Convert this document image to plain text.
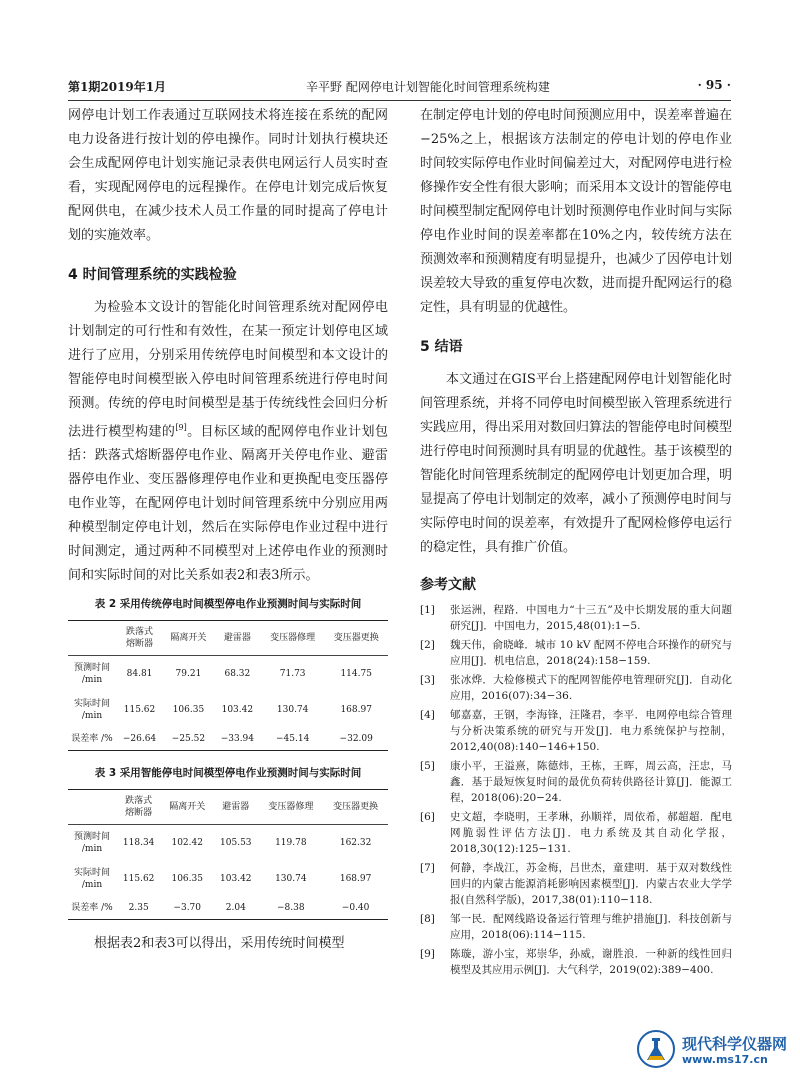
第1期2019年1月	辛平野 配网停电计划智能化时间管理系统构建	· 95 ·

网停电计划工作表通过互联网技术将连接在系统的配网电力设备进行按计划的停电操作。同时计划执行模块还会生成配网停电计划实施记录表供电网运行人员实时查看，实现配网停电的远程操作。在停电计划完成后恢复配网供电，在减少技术人员工作量的同时提高了停电计划的实施效率。

4 时间管理系统的实践检验

为检验本文设计的智能化时间管理系统对配网停电计划制定的可行性和有效性，在某一预定计划停电区域进行了应用，分别采用传统停电时间模型和本文设计的智能停电时间模型嵌入停电时间管理系统进行停电时间预测。传统的停电时间模型是基于传统线性会回归分析法进行模型构建的[9]。目标区域的配网停电作业计划包括：跌落式熔断器停电作业、隔离开关停电作业、避雷器停电作业、变压器修理停电作业和更换配电变压器停电作业等，在配网停电计划时间管理系统中分别应用两种模型制定停电计划，然后在实际停电作业过程中进行时间测定，通过两种不同模型对上述停电作业的预测时间和实际时间的对比关系如表2和表3所示。

表 2 采用传统停电时间模型停电作业预测时间与实际时间

	跌落式
熔断器	隔离开关	避雷器	变压器修理	变压器更换
预测时间
/min	84.81	79.21	68.32	71.73	114.75
实际时间
/min	115.62	106.35	103.42	130.74	168.97
误差率 /%	−26.64	−25.52	−33.94	−45.14	−32.09

表 3 采用智能停电时间模型停电作业预测时间与实际时间

	跌落式
熔断器	隔离开关	避雷器	变压器修理	变压器更换
预测时间
/min	118.34	102.42	105.53	119.78	162.32
实际时间
/min	115.62	106.35	103.42	130.74	168.97
误差率 /%	2.35	−3.70	2.04	−8.38	−0.40

根据表2和表3可以得出，采用传统时间模型

在制定停电计划的停电时间预测应用中，误差率普遍在−25%之上，根据该方法制定的停电计划的停电作业时间较实际停电作业时间偏差过大，对配网停电进行检修操作安全性有很大影响；而采用本文设计的智能停电时间模型制定配网停电计划时预测停电作业时间与实际停电作业时间的误差率都在10%之内，较传统方法在预测效率和预测精度有明显提升，也减少了因停电计划误差较大导致的重复停电次数，进而提升配网运行的稳定性，具有明显的优越性。

5 结语

本文通过在GIS平台上搭建配网停电计划智能化时间管理系统，并将不同停电时间模型嵌入管理系统进行实践应用，得出采用对数回归算法的智能停电时间模型进行停电时间预测时具有明显的优越性。基于该模型的智能化时间管理系统制定的配网停电计划更加合理，明显提高了停电计划制定的效率，减小了预测停电时间与实际停电时间的误差率，有效提升了配网检修停电运行的稳定性，具有推广价值。

参考文献
[1] 张运洲，程路．中国电力“十三五”及中长期发展的重大问题研究[J]．中国电力，2015,48(01):1−5.
[2] 魏天伟，俞晓峰．城市 10 kV 配网不停电合环操作的研究与应用[J]．机电信息，2018(24):158−159.
[3] 张冰烨．大检修模式下的配网智能停电管理研究[J]．自动化应用，2016(07):34−36.
[4] 郇嘉嘉，王钢，李海锋，汪隆君，李平．电网停电综合管理与分析决策系统的研究与开发[J]．电力系统保护与控制，2012,40(08):140−146+150.
[5] 康小平，王溢熹，陈德炜，王栋，王晖，周云高，汪忠，马鑫．基于最短恢复时间的最优负荷转供路径计算[J]．能源工程，2018(06):20−24.
[6] 史文超，李晓明，王孝琳，孙顺祥，周依希，郝超超．配电网脆弱性评估方法[J]．电力系统及其自动化学报，2018,30(12):125−131.
[7] 何静，李战江，苏金梅，吕世杰，童建明．基于双对数线性回归的内蒙古能源消耗影响因素模型[J]．内蒙古农业大学学报(自然科学版)，2017,38(01):110−118.
[8] 邹一民．配网线路设备运行管理与维护措施[J]．科技创新与应用，2018(06):114−115.
[9] 陈璇，游小宝，郑崇华，孙威，谢胜浪．一种新的线性回归模型及其应用示例[J]．大气科学，2019(02):389−400.
现代科学仪器网
www.ms17.cn
